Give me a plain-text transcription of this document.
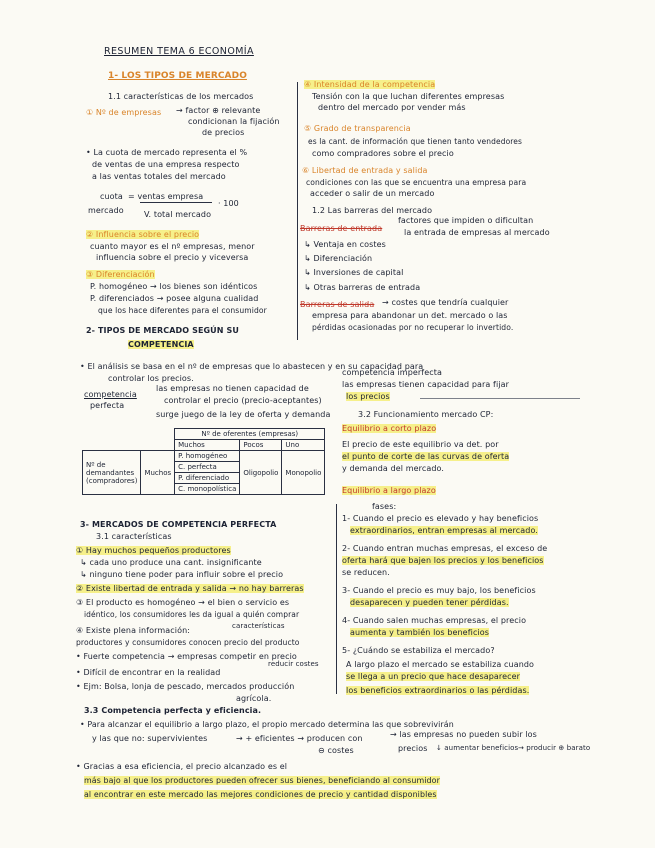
RESUMEN TEMA 6 ECONOMÍA
1- LOS TIPOS DE MERCADO
1.1 características de los mercados
① Nº de empresas → factor ⊕ relevante
condicionan la fijación
de precios
• La cuota de mercado representa el %
de ventas de una empresa respecto
a las ventas totales del mercado
cuota = ventas empresa
· 100
mercado	V. total mercado
② Influencia sobre el precio
cuanto mayor es el nº empresas, menor
influencia sobre el precio y viceversa
③ Diferenciación
P. homogéneo → los bienes son idénticos
P. diferenciados → posee alguna cualidad
que los hace diferentes para el consumidor
2- TIPOS DE MERCADO SEGÚN SU
COMPETENCIA
④ Intensidad de la competencia
Tensión con la que luchan diferentes empresas
dentro del mercado por vender más
⑤ Grado de transparencia
es la cant. de información que tienen tanto vendedores
como compradores sobre el precio
⑥ Libertad de entrada y salida
condiciones con las que se encuentra una empresa para
acceder o salir de un mercado
1.2 Las barreras del mercado
Barreras de entrada
factores que impiden o dificultan
la entrada de empresas al mercado
↳ Ventaja en costes
↳ Diferenciación
↳ Inversiones de capital
↳ Otras barreras de entrada
Barreras de salida → costes que tendría cualquier
empresa para abandonar un det. mercado o las
pérdidas ocasionadas por no recuperar lo invertido.
• El análisis se basa en el nº de empresas que lo abastecen y en su capacidad para
controlar los precios.
competencia
perfecta
las empresas no tienen capacidad de
controlar el precio (precio-aceptantes)
surge juego de la ley de oferta y demanda
competencia imperfecta
las empresas tienen capacidad para fijar
los precios
3.2 Funcionamiento mercado CP:
Equilibrio a corto plazo
El precio de este equilibrio va det. por
el punto de corte de las curvas de oferta
y demanda del mercado.
Equilibrio a largo plazo
fases:
		Nº de oferentes (empresas)		
		Muchos	Pocos	Uno

Nº de
demandantes
(compradores)	Muchos	P. homogéneo	Oligopolio	Monopolio
		C. perfecta		
		P. diferenciado		
		C. monopolística		
3- MERCADOS DE COMPETENCIA PERFECTA
3.1 características
① Hay muchos pequeños productores
↳ cada uno produce una cant. insignificante
↳ ninguno tiene poder para influir sobre el precio
② Existe libertad de entrada y salida → no hay barreras
③ El producto es homogéneo → el bien o servicio es
idéntico, los consumidores les da igual a quién comprar
④ Existe plena información:	características
productores y consumidores conocen precio del producto
• Fuerte competencia → empresas competir en precio
reducir costes
• Difícil de encontrar en la realidad
• Ejm: Bolsa, lonja de pescado, mercados producción
agrícola.
3.3 Competencia perfecta y eficiencia.
• Para alcanzar el equilibrio a largo plazo, el propio mercado determina las que sobrevivirán
y las que no: supervivientes	→ + eficientes → producen con
⊖ costes
→ las empresas no pueden subir los
precios ↓ aumentar beneficios → producir ⊕ barato
• Gracias a esa eficiencia, el precio alcanzado es el
más bajo al que los productores pueden ofrecer sus bienes, beneficiando al consumidor
al encontrar en este mercado las mejores condiciones de precio y cantidad disponibles
1- Cuando el precio es elevado y hay beneficios
extraordinarios, entran empresas al mercado.
2- Cuando entran muchas empresas, el exceso de
oferta hará que bajen los precios y los beneficios
se reducen.
3- Cuando el precio es muy bajo, los beneficios
desaparecen y pueden tener pérdidas.
4- Cuando salen muchas empresas, el precio
aumenta y también los beneficios
5- ¿Cuándo se estabiliza el mercado?
A largo plazo el mercado se estabiliza cuando
se llega a un precio que hace desaparecer
los beneficios extraordinarios o las pérdidas.
